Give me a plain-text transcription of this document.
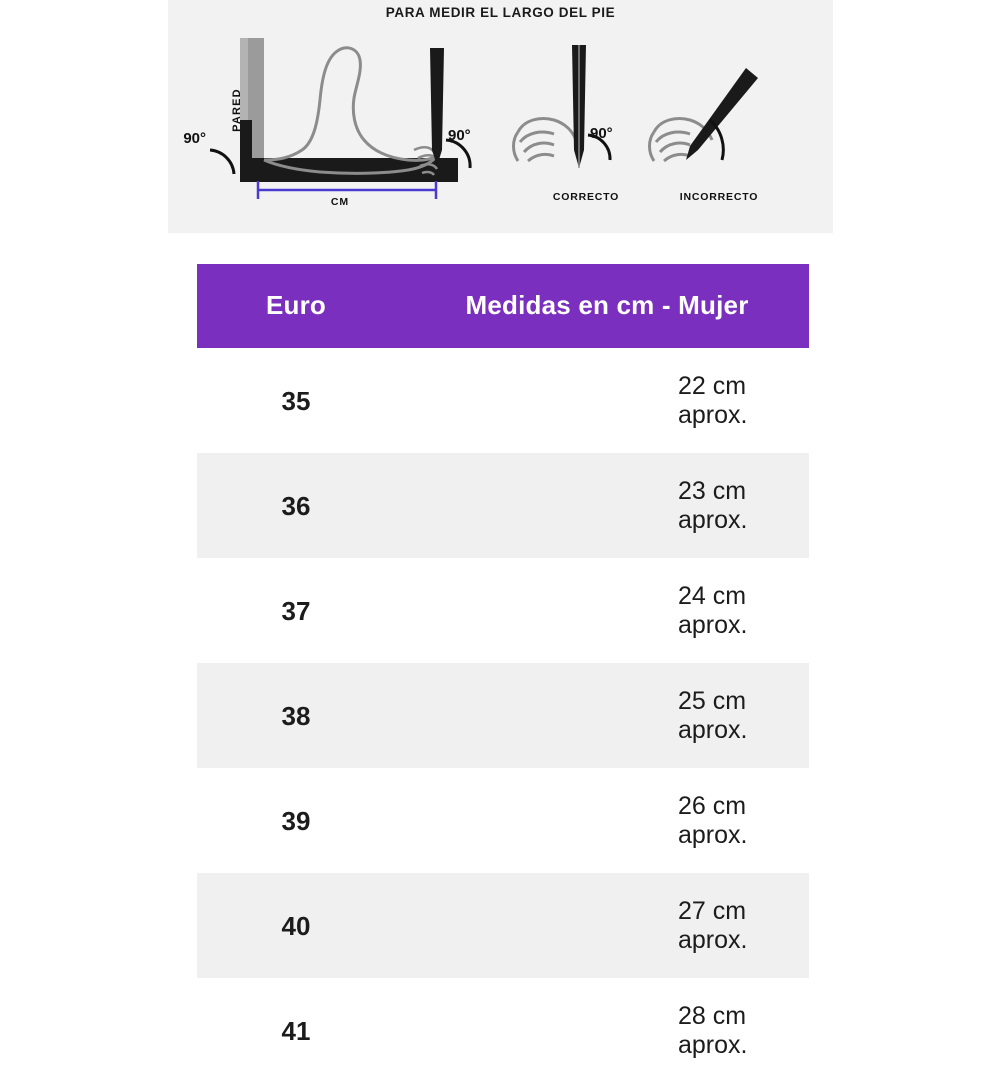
PARA MEDIR EL LARGO DEL PIE
PARED
90°	90°
CM
90°
CORRECTO	INCORRECTO
Euro	Medidas en cm - Mujer
35	22 cm aprox.
36	23 cm aprox.
37	24 cm aprox.
38	25 cm aprox.
39	26 cm aprox.
40	27 cm aprox.
41	28 cm aprox.
